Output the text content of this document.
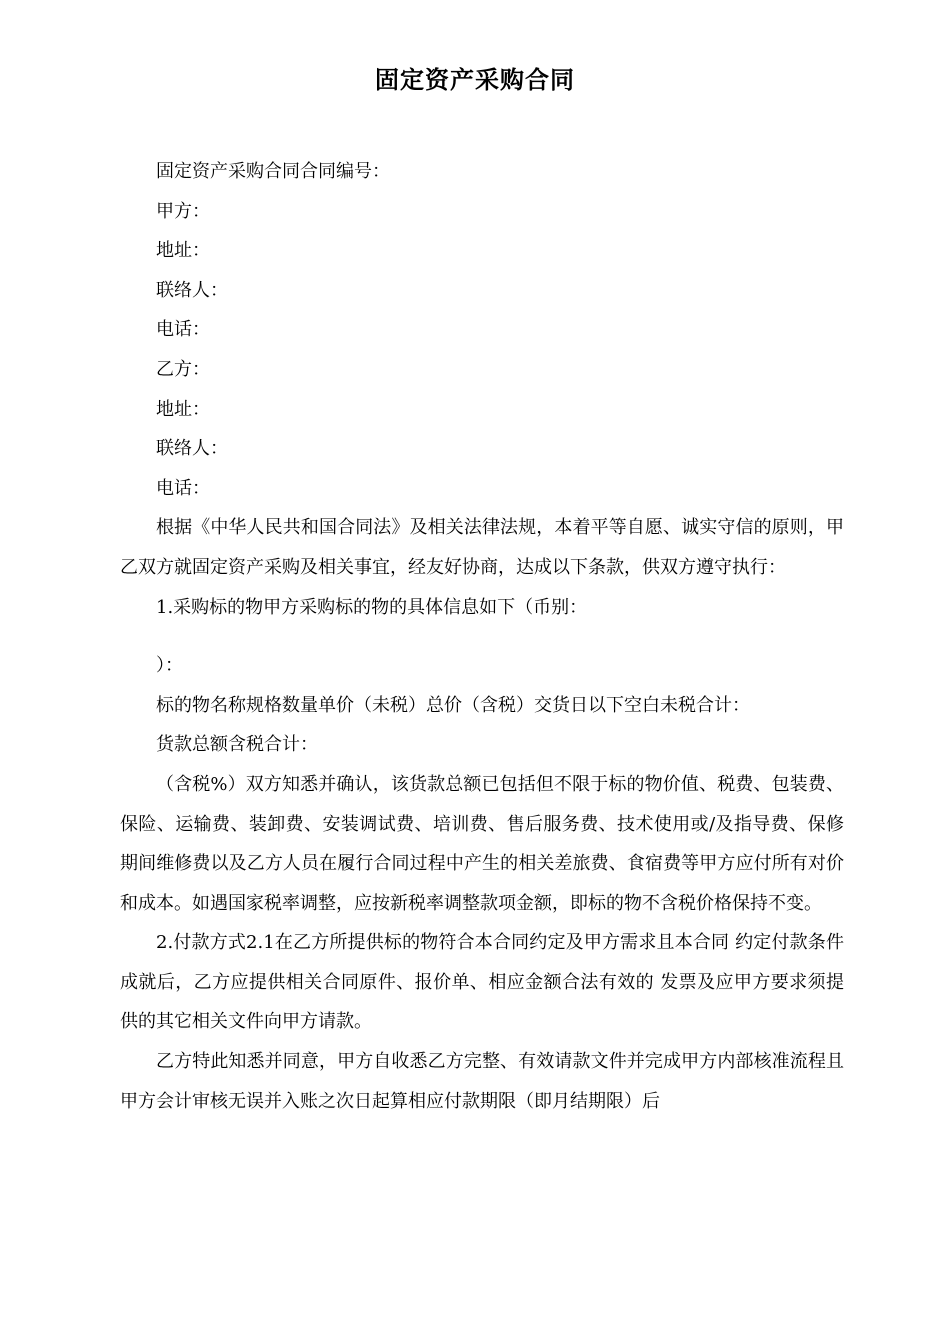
固定资产采购合同

固定资产采购合同合同编号：

甲方：

地址：

联络人：

电话：

乙方：

地址：

联络人：

电话：

根据《中华人民共和国合同法》及相关法律法规，本着平等自愿、诚实守信的原则，甲乙双方就固定资产采购及相关事宜，经友好协商，达成以下条款，供双方遵守执行：

1.采购标的物甲方采购标的物的具体信息如下（币别：

）：

标的物名称规格数量单价（未税）总价（含税）交货日以下空白未税合计：

货款总额含税合计：

（含税%）双方知悉并确认，该货款总额已包括但不限于标的物价值、税费、包装费、保险、运输费、装卸费、安装调试费、培训费、售后服务费、技术使用或/及指导费、保修期间维修费以及乙方人员在履行合同过程中产生的相关差旅费、食宿费等甲方应付所有对价和成本。如遇国家税率调整，应按新税率调整款项金额，即标的物不含税价格保持不变。

2.付款方式2.1在乙方所提供标的物符合本合同约定及甲方需求且本合同 约定付款条件成就后，乙方应提供相关合同原件、报价单、相应金额合法有效的 发票及应甲方要求须提供的其它相关文件向甲方请款。

乙方特此知悉并同意，甲方自收悉乙方完整、有效请款文件并完成甲方内部核准流程且甲方会计审核无误并入账之次日起算相应付款期限（即月结期限）后
